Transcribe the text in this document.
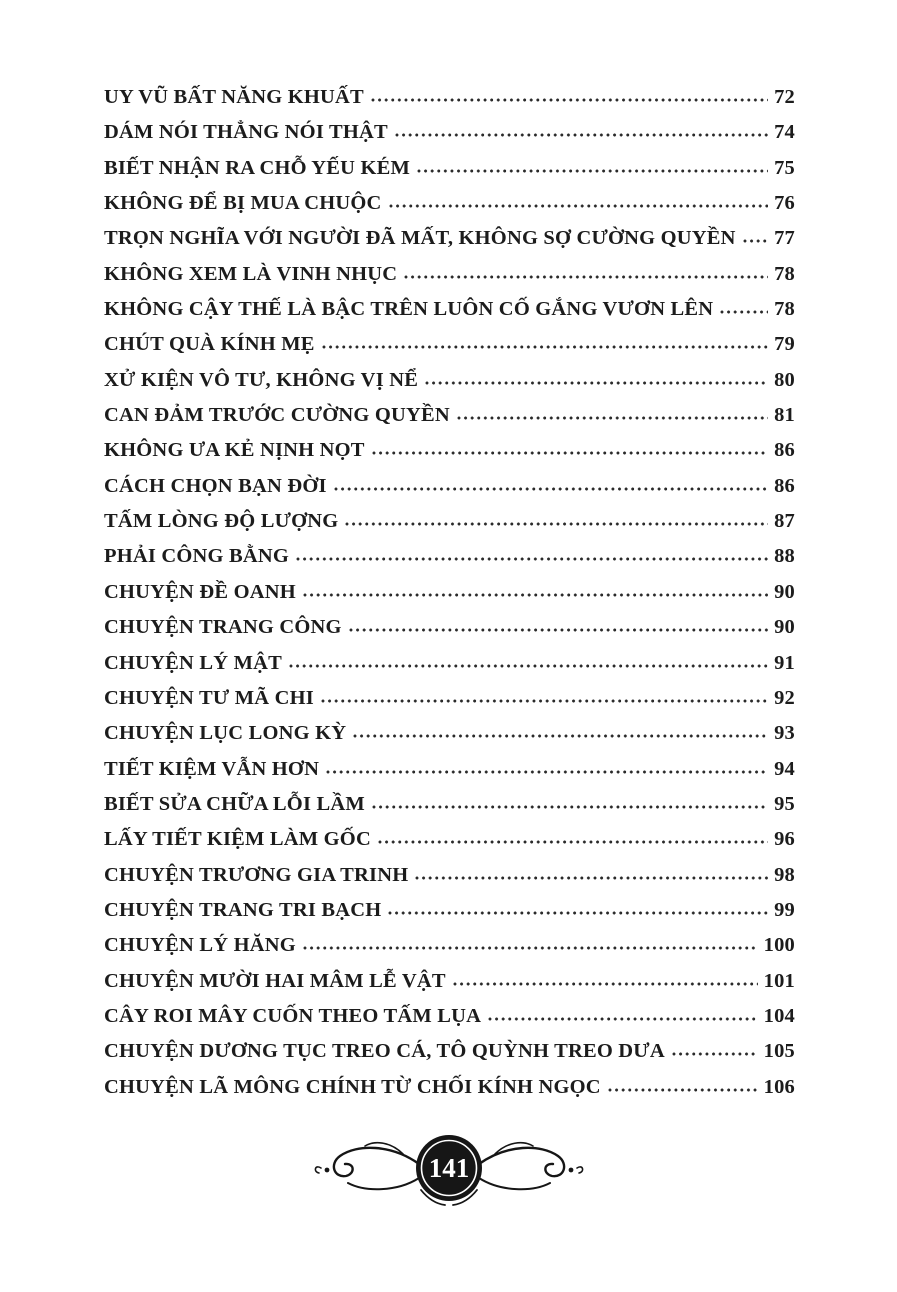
UY VŨ BẤT NĂNG KHUẤT	72
DÁM NÓI THẲNG NÓI THẬT	74
BIẾT NHẬN RA CHỖ YẾU KÉM	75
KHÔNG ĐỂ BỊ MUA CHUỘC	76
TRỌN NGHĨA VỚI NGƯỜI ĐÃ MẤT, KHÔNG SỢ CƯỜNG QUYỀN 77
KHÔNG XEM LÀ VINH NHỤC	78
KHÔNG CẬY THẾ LÀ BẬC TRÊN LUÔN CỐ GẮNG VƯƠN LÊN	78
CHÚT QUÀ KÍNH MẸ	79
XỬ KIỆN VÔ TƯ, KHÔNG VỊ NỂ	80
CAN ĐẢM TRƯỚC CƯỜNG QUYỀN	81
KHÔNG ƯA KẺ NỊNH NỌT	86
CÁCH CHỌN BẠN ĐỜI	86
TẤM LÒNG ĐỘ LƯỢNG	87
PHẢI CÔNG BẰNG	88
CHUYỆN ĐỀ OANH	90
CHUYỆN TRANG CÔNG	90
CHUYỆN LÝ MẬT	91
CHUYỆN TƯ MÃ CHI	92
CHUYỆN LỤC LONG KỲ	93
TIẾT KIỆM VẪN HƠN	94
BIẾT SỬA CHỮA LỖI LẦM	95
LẤY TIẾT KIỆM LÀM GỐC	96
CHUYỆN TRƯƠNG GIA TRINH	98
CHUYỆN TRANG TRI BẠCH	99
CHUYỆN LÝ HĂNG	100
CHUYỆN MƯỜI HAI MÂM LỄ VẬT	101
CÂY ROI MÂY CUỐN THEO TẤM LỤA	104
CHUYỆN DƯƠNG TỤC TREO CÁ, TÔ QUỲNH TREO DƯA	105
CHUYỆN LÃ MÔNG CHÍNH TỪ CHỐI KÍNH NGỌC	106
141
